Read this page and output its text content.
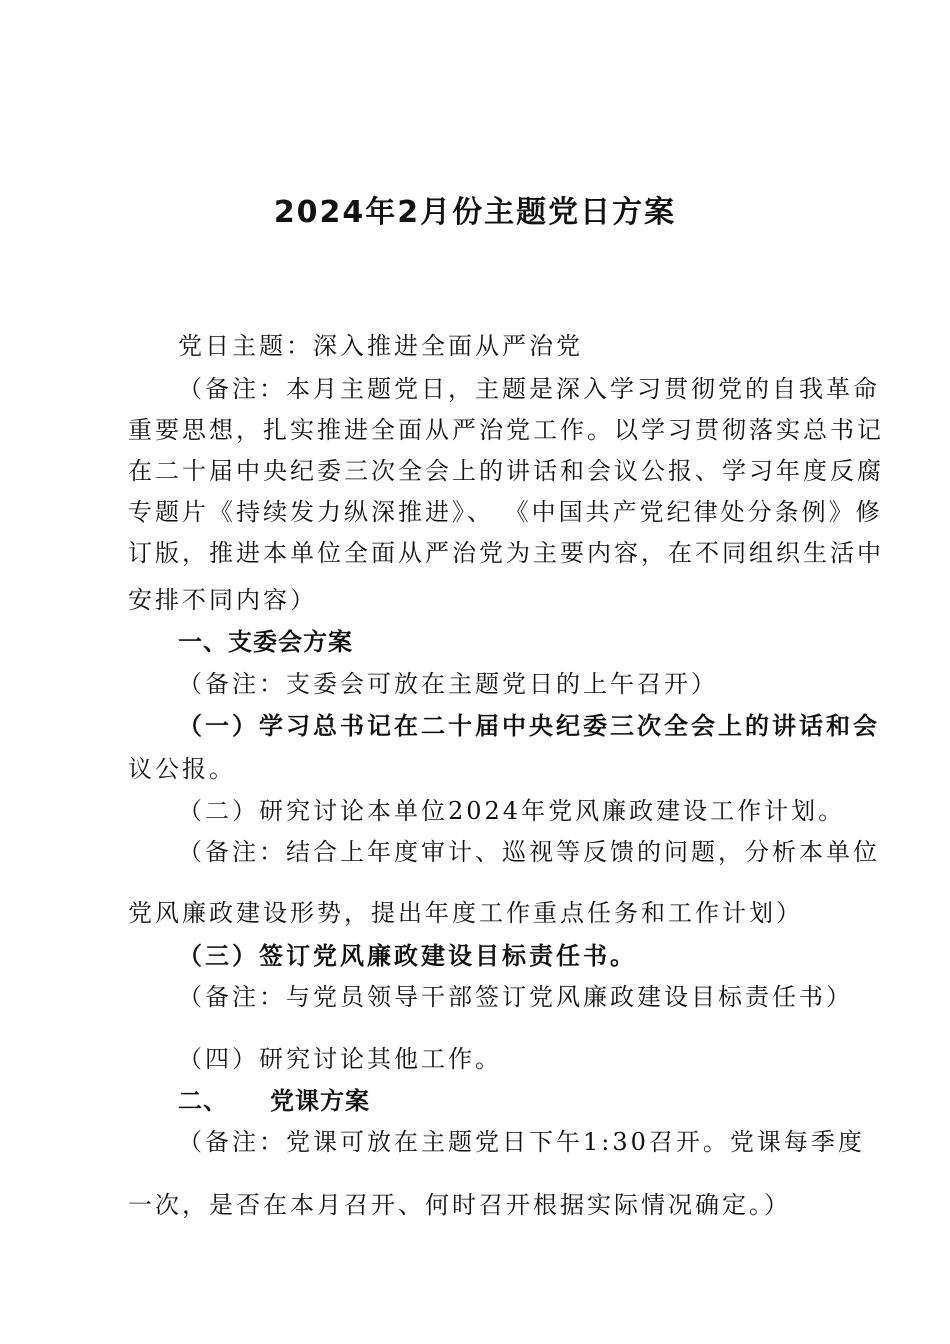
2024年2月份主题党日方案
党日主题：深入推进全面从严治党
（备注：本月主题党日，主题是深入学习贯彻党的自我革命
重要思想，扎实推进全面从严治党工作。以学习贯彻落实总书记
在二十届中央纪委三次全会上的讲话和会议公报、学习年度反腐
专题片《持续发力纵深推进》、 《中国共产党纪律处分条例》修
订版，推进本单位全面从严治党为主要内容，在不同组织生活中
安排不同内容）
一、支委会方案
（备注：支委会可放在主题党日的上午召开）
（一）学习总书记在二十届中央纪委三次全会上的讲话和会
议公报。
（二）研究讨论本单位2024年党风廉政建设工作计划。
（备注：结合上年度审计、巡视等反馈的问题，分析本单位
党风廉政建设形势，提出年度工作重点任务和工作计划）
（三）签订党风廉政建设目标责任书。
（备注：与党员领导干部签订党风廉政建设目标责任书）
（四）研究讨论其他工作。
二、 党课方案
（备注：党课可放在主题党日下午1:30召开。党课每季度
一次，是否在本月召开、何时召开根据实际情况确定。）
